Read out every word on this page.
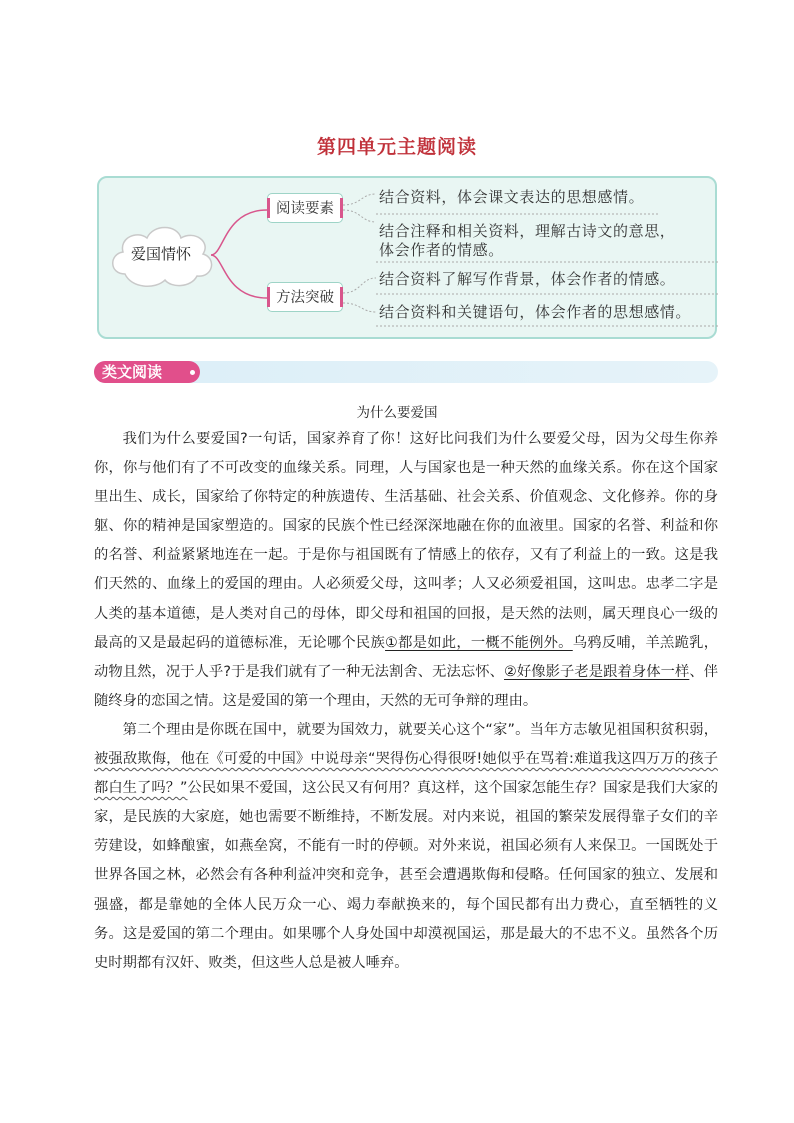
第四单元主题阅读
爱国情怀
阅读要素
方法突破
结合资料，体会课文表达的思想感情。
结合注释和相关资料，理解古诗文的意思，
体会作者的情感。
结合资料了解写作背景，体会作者的情感。
结合资料和关键语句，体会作者的思想感情。
类文阅读
为什么要爱国

我们为什么要爱国?一句话，国家养育了你！这好比问我们为什么要爱父母，因为父母生你养你，你与他们有了不可改变的血缘关系。同理，人与国家也是一种天然的血缘关系。你在这个国家里出生、成长，国家给了你特定的种族遗传、生活基础、社会关系、价值观念、文化修养。你的身躯、你的精神是国家塑造的。国家的民族个性已经深深地融在你的血液里。国家的名誉、利益和你的名誉、利益紧紧地连在一起。于是你与祖国既有了情感上的依存，又有了利益上的一致。这是我们天然的、血缘上的爱国的理由。人必须爱父母，这叫孝；人又必须爱祖国，这叫忠。忠孝二字是人类的基本道德，是人类对自己的母体，即父母和祖国的回报，是天然的法则，属天理良心一级的最高的又是最起码的道德标准，无论哪个民族①都是如此，一概不能例外。乌鸦反哺，羊羔跪乳，动物且然，况于人乎?于是我们就有了一种无法割舍、无法忘怀、②好像影子老是跟着身体一样、伴随终身的恋国之情。这是爱国的第一个理由，天然的无可争辩的理由。

第二个理由是你既在国中，就要为国效力，就要关心这个“家”。当年方志敏见祖国积贫积弱，被强敌欺侮，他在《可爱的中国》中说母亲“哭得伤心得很呀!她似乎在骂着:难道我这四万万的孩子都白生了吗？”公民如果不爱国，这公民又有何用？真这样，这个国家怎能生存？国家是我们大家的家，是民族的大家庭，她也需要不断维持，不断发展。对内来说，祖国的繁荣发展得靠子女们的辛劳建设，如蜂酿蜜，如燕垒窝，不能有一时的停顿。对外来说，祖国必须有人来保卫。一国既处于世界各国之林，必然会有各种利益冲突和竞争，甚至会遭遇欺侮和侵略。任何国家的独立、发展和强盛，都是靠她的全体人民万众一心、竭力奉献换来的，每个国民都有出力费心，直至牺牲的义务。这是爱国的第二个理由。如果哪个人身处国中却漠视国运，那是最大的不忠不义。虽然各个历史时期都有汉奸、败类，但这些人总是被人唾弃。
